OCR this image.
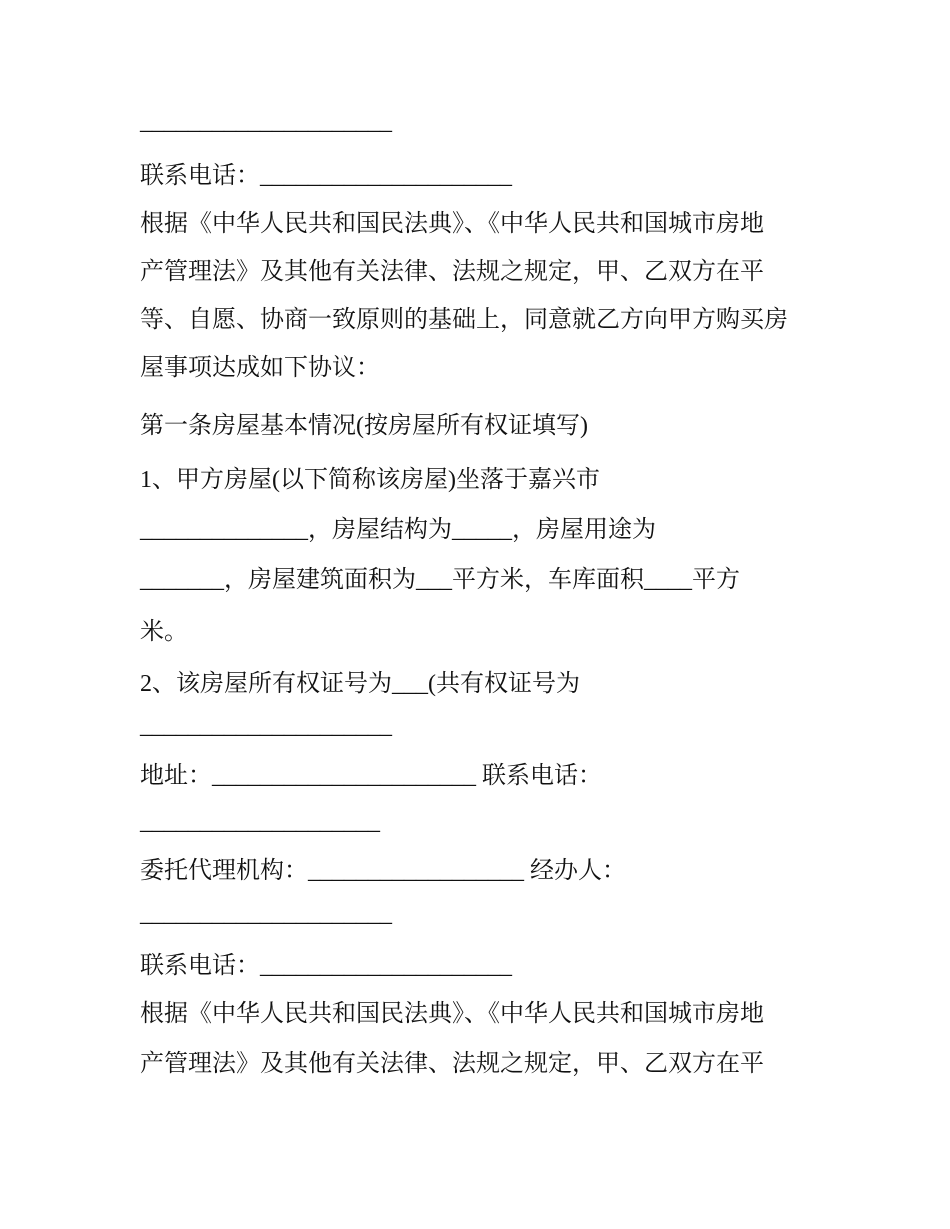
_____________________
联系电话：_____________________
根据《中华人民共和国民法典》、《中华人民共和国城市房地
产管理法》及其他有关法律、法规之规定，甲、乙双方在平
等、自愿、协商一致原则的基础上，同意就乙方向甲方购买房
屋事项达成如下协议：
第一条房屋基本情况(按房屋所有权证填写)
1、甲方房屋(以下简称该房屋)坐落于嘉兴市
______________，房屋结构为_____，房屋用途为
_______，房屋建筑面积为___平方米，车库面积____平方
米。
2、该房屋所有权证号为___(共有权证号为
_____________________
地址：______________________ 联系电话：
____________________
委托代理机构：__________________ 经办人：
_____________________
联系电话：_____________________
根据《中华人民共和国民法典》、《中华人民共和国城市房地
产管理法》及其他有关法律、法规之规定，甲、乙双方在平
